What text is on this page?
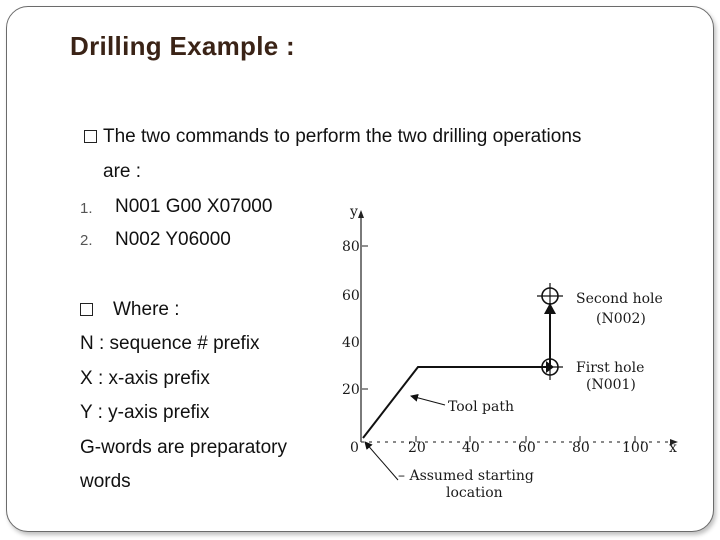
Drilling Example :
The two commands to perform the two drilling operations
are :
1. N001 G00 X07000
2. N002 Y06000
Where :
N : sequence # prefix
X : x-axis prefix
Y : y-axis prefix
G-words are preparatory
words
y
x
80
60
40
20
0	20	40	60	80 100
Second hole
(N002)
First hole
(N001)
Tool path
– Assumed starting
location
